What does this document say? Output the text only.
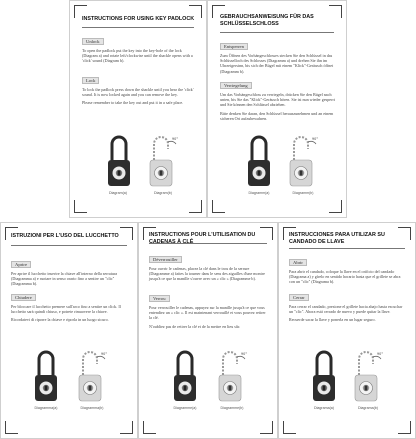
INSTRUCTIONS FOR USING KEY PADLOCK
Unlock

To open the padlock put the key into the key-hole of the lock (Diagram a) and rotate left/clockwise until the shackle opens with a 'click' sound (Diagram b).

Lock

To lock the padlock press down the shackle until you hear the 'click' sound. It is now locked again and you can remove the key.

Please remember to take the key out and put it in a safe place.

90°
Diagram(a)	Diagram(b)
GEBRAUCHSANWEISUNG FÜR DAS SCHLÜSSELSCHLOSS
Entsperren

Zum Öffnen des Vorhängeschlosses stecken Sie den Schlüssel in das Schlüsselloch des Schlosses (Diagramm a) und drehen Sie ihn im Uhrzeigersinn, bis sich der Bügel mit einem "Klick"-Geräusch öffnet (Diagramm b).

Verriegelung

Um das Vorhängeschloss zu verriegeln, drücken Sie den Bügel nach unten, bis Sie das "Klick"-Geräusch hören. Sie ist nun wieder gesperrt und Sie können den Schlüssel abziehen.

Bitte denken Sie daran, den Schlüssel herauszunehmen und an einem sicheren Ort aufzubewahren.

90°
Diagramm(a)	Diagramm(b)
ISTRUZIONI PER L'USO DEL LUCCHETTO
Aprire

Per aprire il lucchetto inserire la chiave all'interno della serratura (Diagramma a) e ruotare in senso orario fino a sentire un "clic" (Diagramma b).

Chiudere

Per bloccare il lucchetto premere sull'arco fino a sentire un click. Il lucchetto sarà quindi chiuso, e potrete rimuovere la chiave.

Ricordatevi di riporre la chiave e riporla in un luogo sicuro.

90°
Diagramma(a)	Diagramma(b)
INSTRUCTIONS POUR L'UTILISATION DU CADENAS À CLÉ
Déverrouiller

Pour ouvrir le cadenas, placez la clé dans le trou de la serrure (Diagramme a) faites la tourner dans le sens des aiguilles d'une montre jusqu'à ce que la manille s'ouvre avec un « clic » (Diagramme b).

Verrou

Pour verrouiller le cadenas, appuyez sur la manille jusqu'à ce que vous entendiez un « clic ». Il est maintenant verrouillé et vous pouvez retirer la clé.

N'oubliez pas de retirer la clé et de la mettre en lieu sûr.

90°
Diagramme(a)	Diagramme(b)
INSTRUCCIONES PARA UTILIZAR SU CANDADO DE LLAVE
Abrir

Para abrir el candado, coloque la llave en el orificio del candado (Diagrama a) y gírelo en sentido horario hasta que el grillete se abra con un "clic" (Diagrama b).

Cerrar

Para cerrar el candado, presione el grillete hacia abajo hasta escuchar un "clic". Ahora está cerrado de nuevo y puede quitar la llave.

Recuerde sacar la llave y ponerla en un lugar seguro.

90°
Diagrama(a)	Diagrama(b)
